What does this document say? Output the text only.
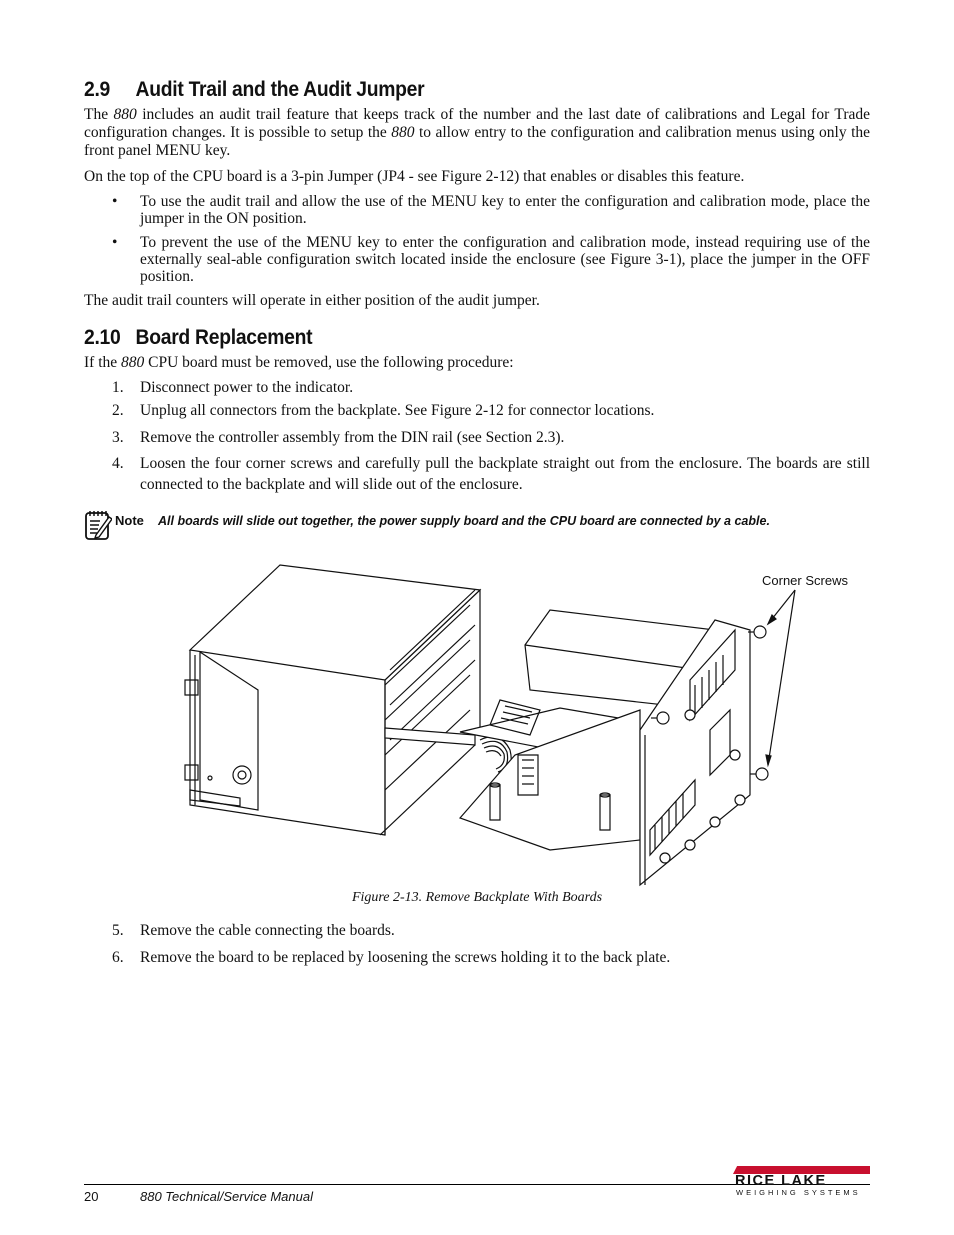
2.9 Audit Trail and the Audit Jumper

The 880 includes an audit trail feature that keeps track of the number and the last date of calibrations and Legal for Trade configuration changes. It is possible to setup the 880 to allow entry to the configuration and calibration menus using only the front panel MENU key.

On the top of the CPU board is a 3-pin Jumper (JP4 - see Figure 2-12) that enables or disables this feature.

• To use the audit trail and allow the use of the MENU key to enter the configuration and calibration mode, place the jumper in the ON position.
• To prevent the use of the MENU key to enter the configuration and calibration mode, instead requiring use of the externally seal-able configuration switch located inside the enclosure (see Figure 3-1), place the jumper in the OFF position.

The audit trail counters will operate in either position of the audit jumper.

2.10 Board Replacement

If the 880 CPU board must be removed, use the following procedure:

1.	Disconnect power to the indicator.
2.	Unplug all connectors from the backplate. See Figure 2-12 for connector locations.
3.	Remove the controller assembly from the DIN rail (see Section 2.3).
4.	Loosen the four corner screws and carefully pull the backplate straight out from the enclosure. The boards are still connected to the backplate and will slide out of the enclosure.
Note All boards will slide out together, the power supply board and the CPU board are connected by a cable.
Corner Screws
Figure 2-13. Remove Backplate With Boards
5.	Remove the cable connecting the boards.
6.	Remove the board to be replaced by loosening the screws holding it to the back plate.
20	880 Technical/Service Manual
RICE LAKE
WEIGHING SYSTEMS
